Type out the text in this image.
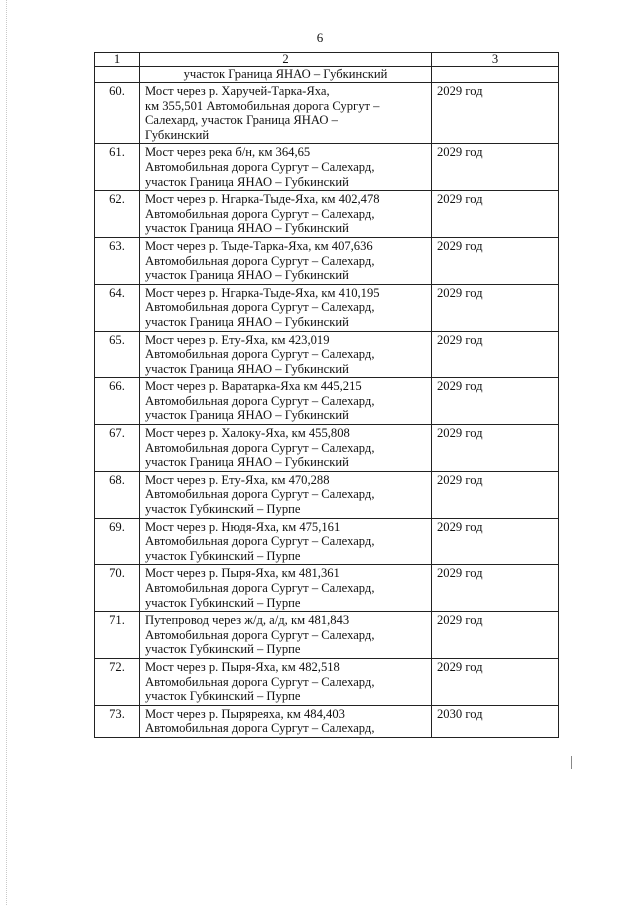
6
1	2	3
	участок Граница ЯНАО – Губкинский	
60.	Мост через р. Харучей-Тарка-Яха,
км 355,501 Автомобильная дорога Сургут –
Салехард, участок Граница ЯНАО –
Губкинский	2029 год
61.	Мост через река б/н, км 364,65
Автомобильная дорога Сургут – Салехард,
участок Граница ЯНАО – Губкинский	2029 год
62.	Мост через р. Нгарка-Тыде-Яха, км 402,478
Автомобильная дорога Сургут – Салехард,
участок Граница ЯНАО – Губкинский	2029 год
63.	Мост через р. Тыде-Тарка-Яха, км 407,636
Автомобильная дорога Сургут – Салехард,
участок Граница ЯНАО – Губкинский	2029 год
64.	Мост через р. Нгарка-Тыде-Яха, км 410,195
Автомобильная дорога Сургут – Салехард,
участок Граница ЯНАО – Губкинский	2029 год
65.	Мост через р. Ету-Яха, км 423,019
Автомобильная дорога Сургут – Салехард,
участок Граница ЯНАО – Губкинский	2029 год
66.	Мост через р. Варатарка-Яха км 445,215
Автомобильная дорога Сургут – Салехард,
участок Граница ЯНАО – Губкинский	2029 год
67.	Мост через р. Халоку-Яха, км 455,808
Автомобильная дорога Сургут – Салехард,
участок Граница ЯНАО – Губкинский	2029 год
68.	Мост через р. Ету-Яха, км 470,288
Автомобильная дорога Сургут – Салехард,
участок Губкинский – Пурпе	2029 год
69.	Мост через р. Нюдя-Яха, км 475,161
Автомобильная дорога Сургут – Салехард,
участок Губкинский – Пурпе	2029 год
70.	Мост через р. Пыря-Яха, км 481,361
Автомобильная дорога Сургут – Салехард,
участок Губкинский – Пурпе	2029 год
71.	Путепровод через ж/д, а/д, км 481,843
Автомобильная дорога Сургут – Салехард,
участок Губкинский – Пурпе	2029 год
72.	Мост через р. Пыря-Яха, км 482,518
Автомобильная дорога Сургут – Салехард,
участок Губкинский – Пурпе	2029 год
73.	Мост через р. Пыряреяха, км 484,403
Автомобильная дорога Сургут – Салехард,	2030 год
